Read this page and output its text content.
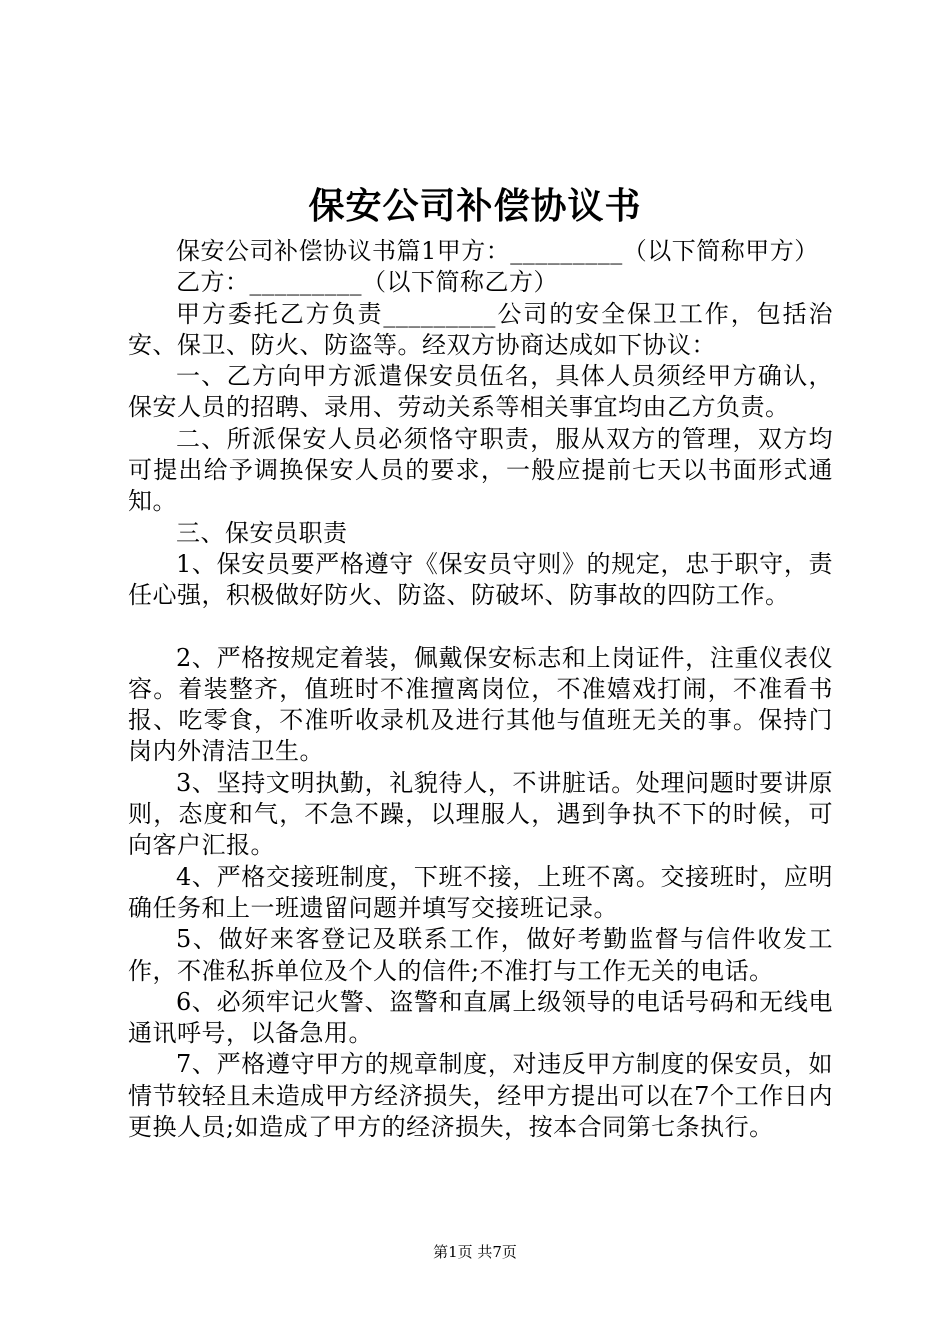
保安公司补偿协议书

保安公司补偿协议书篇1甲方：_________（以下简称甲方）

乙方：_________（以下简称乙方）

甲方委托乙方负责_________公司的安全保卫工作，包括治安、保卫、防火、防盗等。经双方协商达成如下协议：

一、乙方向甲方派遣保安员伍名，具体人员须经甲方确认，保安人员的招聘、录用、劳动关系等相关事宜均由乙方负责。

二、所派保安人员必须恪守职责，服从双方的管理，双方均可提出给予调换保安人员的要求，一般应提前七天以书面形式通知。

三、保安员职责

1、保安员要严格遵守《保安员守则》的规定，忠于职守，责任心强，积极做好防火、防盗、防破坏、防事故的四防工作。

2、严格按规定着装，佩戴保安标志和上岗证件，注重仪表仪容。着装整齐，值班时不准擅离岗位，不准嬉戏打闹，不准看书报、吃零食，不准听收录机及进行其他与值班无关的事。保持门岗内外清洁卫生。

3、坚持文明执勤，礼貌待人，不讲脏话。处理问题时要讲原则，态度和气，不急不躁，以理服人，遇到争执不下的时候，可向客户汇报。

4、严格交接班制度，下班不接，上班不离。交接班时，应明确任务和上一班遗留问题并填写交接班记录。

5、做好来客登记及联系工作，做好考勤监督与信件收发工作，不准私拆单位及个人的信件;不准打与工作无关的电话。

6、必须牢记火警、盗警和直属上级领导的电话号码和无线电通讯呼号，以备急用。

7、严格遵守甲方的规章制度，对违反甲方制度的保安员，如情节较轻且未造成甲方经济损失，经甲方提出可以在7个工作日内更换人员;如造成了甲方的经济损失，按本合同第七条执行。

第1页 共7页
